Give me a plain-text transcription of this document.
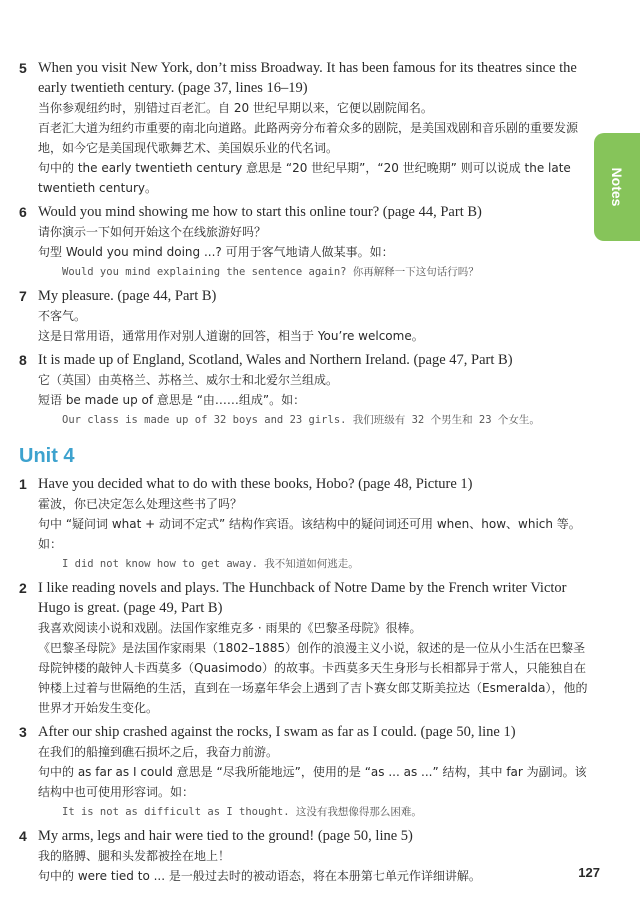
Notes
5 When you visit New York, don’t miss Broadway. It has been famous for its theatres since the early twentieth century. (page 37, lines 16–19)

当你参观纽约时，别错过百老汇。自 20 世纪早期以来，它便以剧院闻名。

百老汇大道为纽约市重要的南北向道路。此路两旁分布着众多的剧院，是美国戏剧和音乐剧的重要发源地，如今它是美国现代歌舞艺术、美国娱乐业的代名词。

句中的 the early twentieth century 意思是 “20 世纪早期”，“20 世纪晚期” 则可以说成 the late twentieth century。

6 Would you mind showing me how to start this online tour? (page 44, Part B)

请你演示一下如何开始这个在线旅游好吗？

句型 Would you mind doing ...? 可用于客气地请人做某事。如：

Would you mind explaining the sentence again? 你再解释一下这句话行吗？

7 My pleasure. (page 44, Part B)

不客气。

这是日常用语，通常用作对别人道谢的回答，相当于 You’re welcome。

8 It is made up of England, Scotland, Wales and Northern Ireland. (page 47, Part B)

它（英国）由英格兰、苏格兰、威尔士和北爱尔兰组成。

短语 be made up of 意思是 “由……组成”。如：

Our class is made up of 32 boys and 23 girls. 我们班级有 32 个男生和 23 个女生。

Unit 4
1 Have you decided what to do with these books, Hobo? (page 48, Picture 1)

霍波，你已决定怎么处理这些书了吗？

句中 “疑问词 what + 动词不定式” 结构作宾语。该结构中的疑问词还可用 when、how、which 等。如：

I did not know how to get away. 我不知道如何逃走。

2 I like reading novels and plays. The Hunchback of Notre Dame by the French writer Victor Hugo is great. (page 49, Part B)

我喜欢阅读小说和戏剧。法国作家维克多 · 雨果的《巴黎圣母院》很棒。

《巴黎圣母院》是法国作家雨果（1802–1885）创作的浪漫主义小说，叙述的是一位从小生活在巴黎圣母院钟楼的敲钟人卡西莫多（Quasimodo）的故事。卡西莫多天生身形与长相都异于常人，只能独自在钟楼上过着与世隔绝的生活，直到在一场嘉年华会上遇到了吉卜赛女郎艾斯美拉达（Esmeralda），他的世界才开始发生变化。

3 After our ship crashed against the rocks, I swam as far as I could. (page 50, line 1)

在我们的船撞到礁石损坏之后，我奋力前游。

句中的 as far as I could 意思是 “尽我所能地远”，使用的是 “as ... as ...” 结构，其中 far 为副词。该结构中也可使用形容词。如：

It is not as difficult as I thought. 这没有我想像得那么困难。

4 My arms, legs and hair were tied to the ground! (page 50, line 5)

我的胳膊、腿和头发都被拴在地上！

句中的 were tied to ... 是一般过去时的被动语态，将在本册第七单元作详细讲解。	127
